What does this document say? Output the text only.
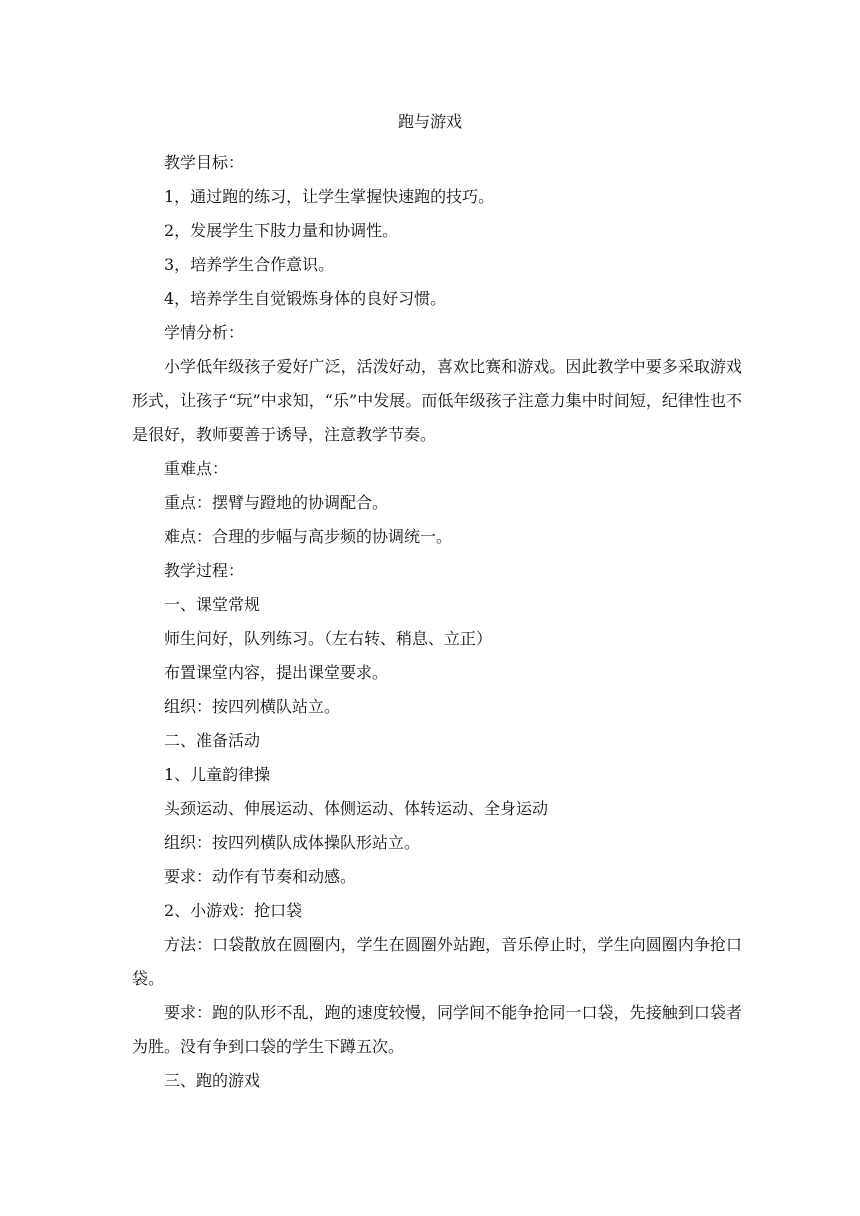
跑与游戏

教学目标：

1，通过跑的练习，让学生掌握快速跑的技巧。

2，发展学生下肢力量和协调性。

3，培养学生合作意识。

4，培养学生自觉锻炼身体的良好习惯。

学情分析：

小学低年级孩子爱好广泛，活泼好动，喜欢比赛和游戏。因此教学中要多采取游戏形式，让孩子“玩”中求知，“乐”中发展。而低年级孩子注意力集中时间短，纪律性也不是很好，教师要善于诱导，注意教学节奏。

重难点：

重点：摆臂与蹬地的协调配合。

难点：合理的步幅与高步频的协调统一。

教学过程：

一、课堂常规

师生问好，队列练习。（左右转、稍息、立正）

布置课堂内容，提出课堂要求。

组织：按四列横队站立。

二、准备活动

1、儿童韵律操

头颈运动、伸展运动、体侧运动、体转运动、全身运动

组织：按四列横队成体操队形站立。

要求：动作有节奏和动感。

2、小游戏：抢口袋

方法：口袋散放在圆圈内，学生在圆圈外站跑，音乐停止时，学生向圆圈内争抢口袋。

要求：跑的队形不乱，跑的速度较慢，同学间不能争抢同一口袋，先接触到口袋者为胜。没有争到口袋的学生下蹲五次。

三、跑的游戏
